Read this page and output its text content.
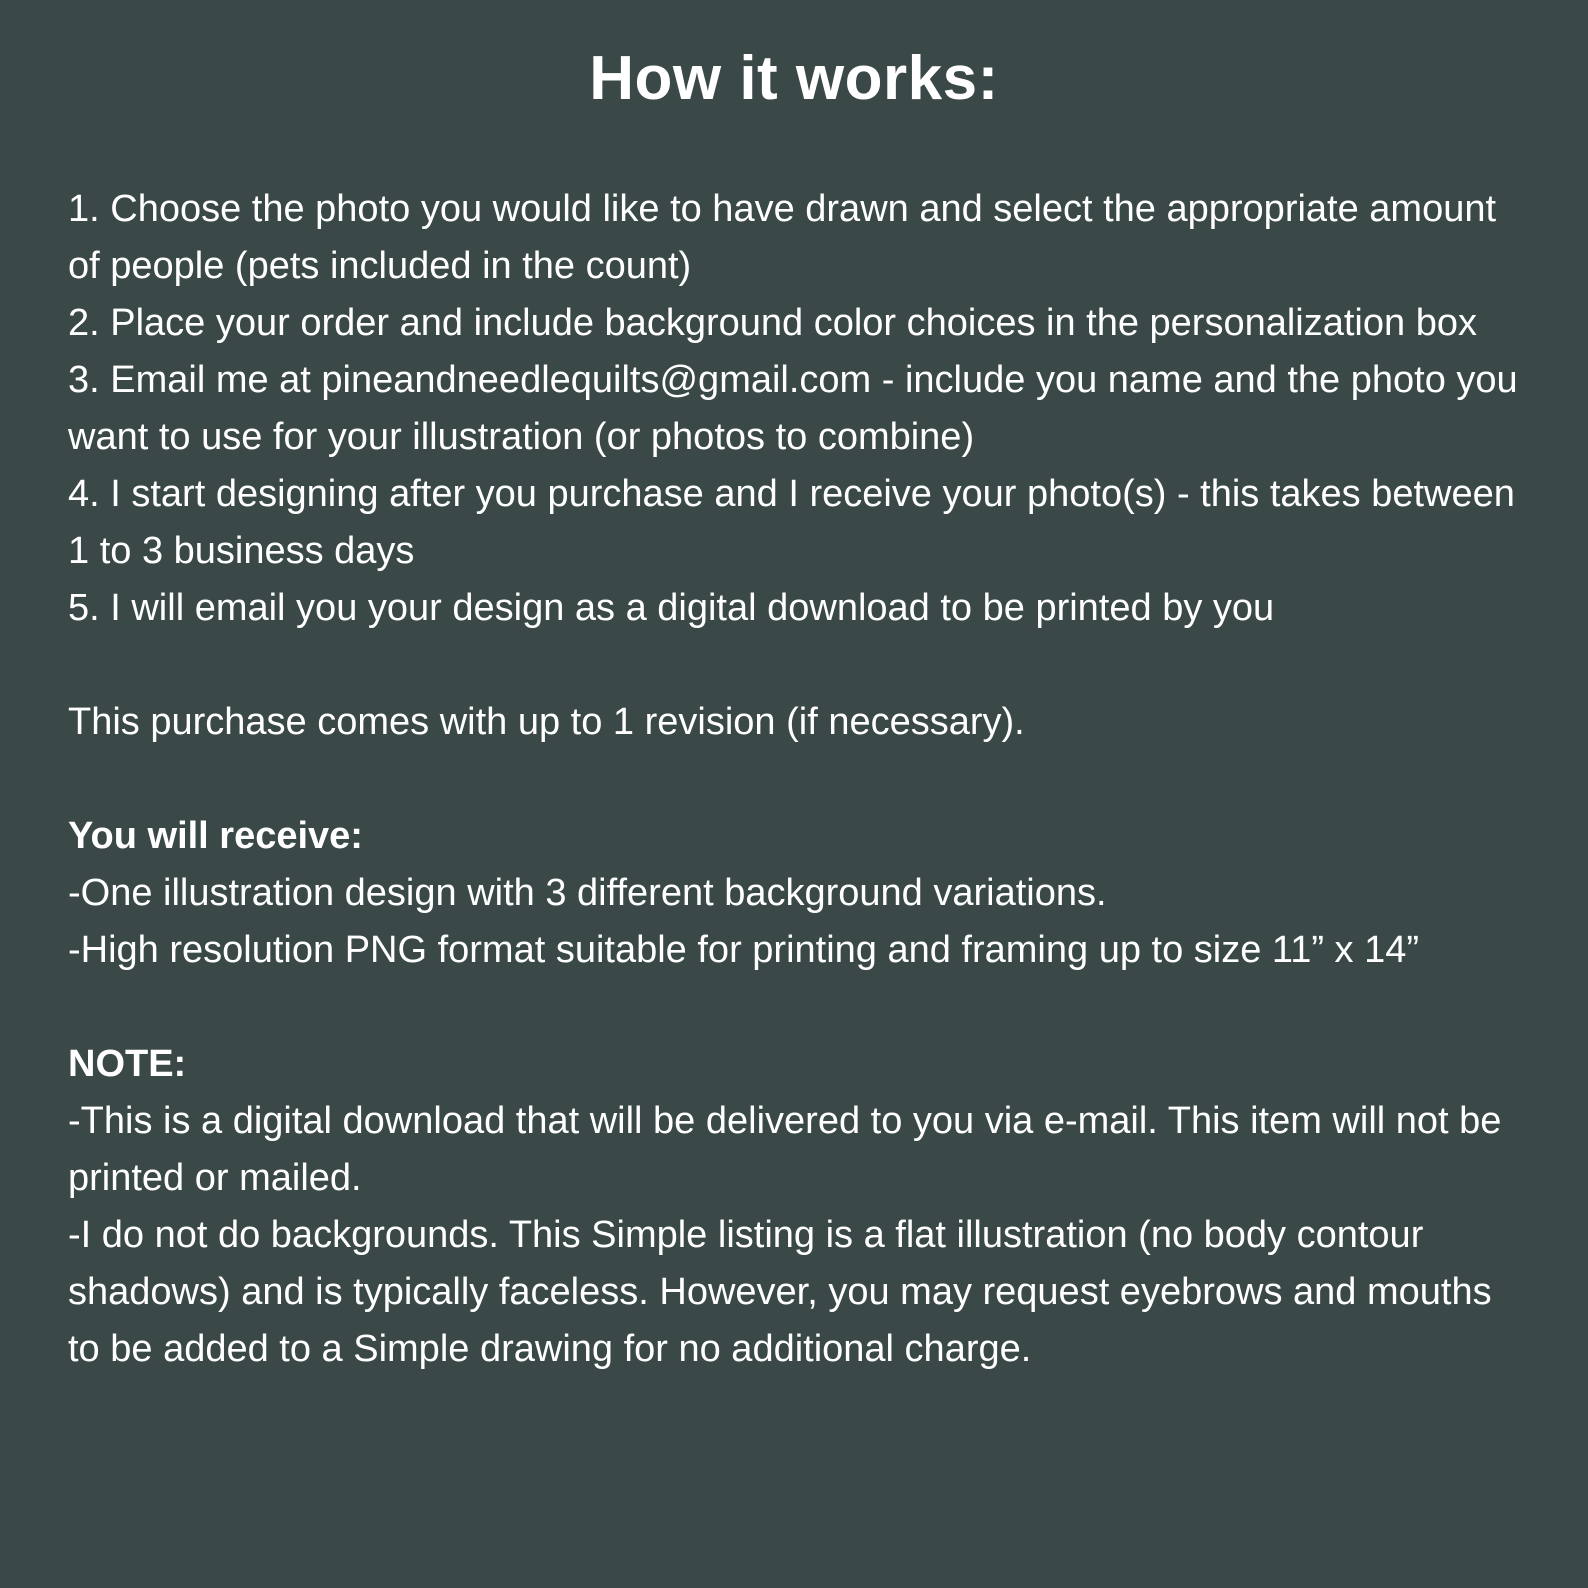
How it works:
1. Choose the photo you would like to have drawn and select the appropriate amount of people (pets included in the count)
2. Place your order and include background color choices in the personalization box
3. Email me at pineandneedlequilts@gmail.com - include you name and the photo you want to use for your illustration (or photos to combine)
4. I start designing after you purchase and I receive your photo(s) - this takes between 1 to 3 business days
5. I will email you your design as a digital download to be printed by you
This purchase comes with up to 1 revision (if necessary).
You will receive:
-One illustration design with 3 different background variations.
-High resolution PNG format suitable for printing and framing up to size 11” x 14”
NOTE:
-This is a digital download that will be delivered to you via e-mail. This item will not be printed or mailed.
-I do not do backgrounds. This Simple listing is a flat illustration (no body contour shadows) and is typically faceless. However, you may request eyebrows and mouths to be added to a Simple drawing for no additional charge.
